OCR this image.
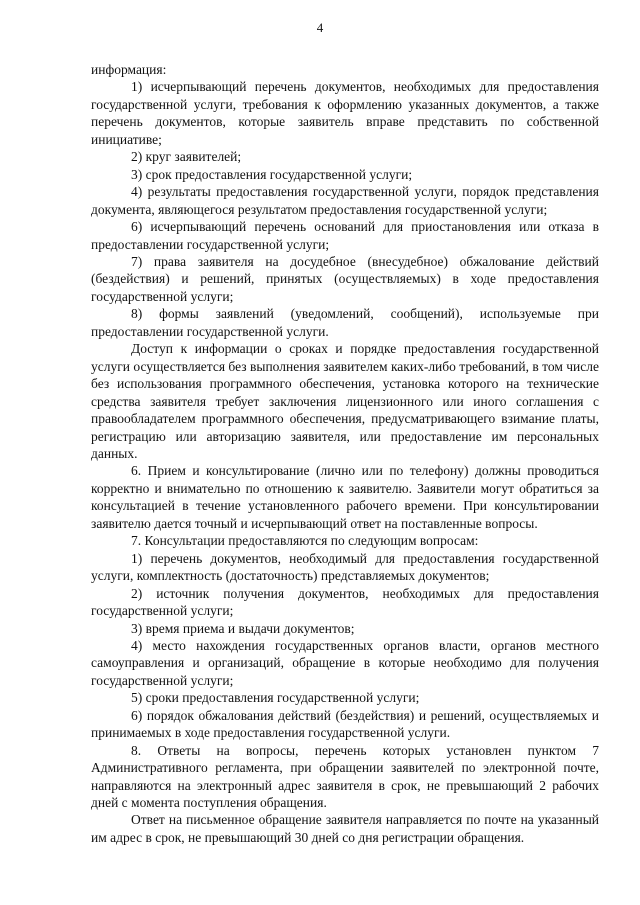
4

информация:

1) исчерпывающий перечень документов, необходимых для предоставления государственной услуги, требования к оформлению указанных документов, а также перечень документов, которые заявитель вправе представить по собственной инициативе;

2) круг заявителей;

3) срок предоставления государственной услуги;

4) результаты предоставления государственной услуги, порядок представления документа, являющегося результатом предоставления государственной услуги;

6) исчерпывающий перечень оснований для приостановления или отказа в предоставлении государственной услуги;

7) права заявителя на досудебное (внесудебное) обжалование действий (бездействия) и решений, принятых (осуществляемых) в ходе предоставления государственной услуги;

8) формы заявлений (уведомлений, сообщений), используемые при предоставлении государственной услуги.

Доступ к информации о сроках и порядке предоставления государственной услуги осуществляется без выполнения заявителем каких-либо требований, в том числе без использования программного обеспечения, установка которого на технические средства заявителя требует заключения лицензионного или иного соглашения с правообладателем программного обеспечения, предусматривающего взимание платы, регистрацию или авторизацию заявителя, или предоставление им персональных данных.

6. Прием и консультирование (лично или по телефону) должны проводиться корректно и внимательно по отношению к заявителю. Заявители могут обратиться за консультацией в течение установленного рабочего времени. При консультировании заявителю дается точный и исчерпывающий ответ на поставленные вопросы.

7. Консультации предоставляются по следующим вопросам:

1) перечень документов, необходимый для предоставления государственной услуги, комплектность (достаточность) представляемых документов;

2) источник получения документов, необходимых для предоставления государственной услуги;

3) время приема и выдачи документов;

4) место нахождения государственных органов власти, органов местного самоуправления и организаций, обращение в которые необходимо для получения государственной услуги;

5) сроки предоставления государственной услуги;

6) порядок обжалования действий (бездействия) и решений, осуществляемых и принимаемых в ходе предоставления государственной услуги.

8. Ответы на вопросы, перечень которых установлен пунктом 7 Административного регламента, при обращении заявителей по электронной почте, направляются на электронный адрес заявителя в срок, не превышающий 2 рабочих дней с момента поступления обращения.

Ответ на письменное обращение заявителя направляется по почте на указанный им адрес в срок, не превышающий 30 дней со дня регистрации обращения.
